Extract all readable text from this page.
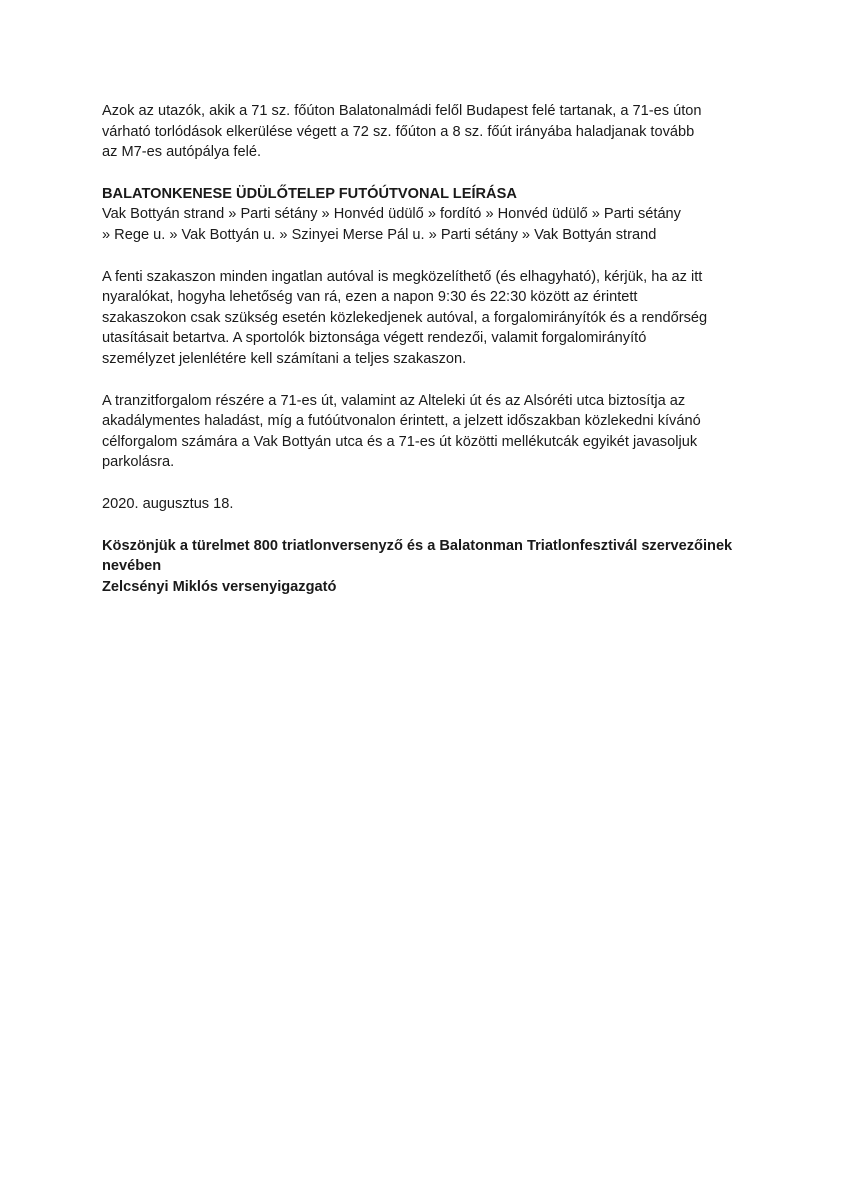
Azok az utazók, akik a 71 sz. főúton Balatonalmádi felől Budapest felé tartanak, a 71-es úton
várható torlódások elkerülése végett a 72 sz. főúton a 8 sz. főút irányába haladjanak tovább
az M7-es autópálya felé.

BALATONKENESE ÜDÜLŐTELEP FUTÓÚTVONAL LEÍRÁSA
Vak Bottyán strand » Parti sétány » Honvéd üdülő » fordító » Honvéd üdülő » Parti sétány
» Rege u. » Vak Bottyán u. » Szinyei Merse Pál u. » Parti sétány » Vak Bottyán strand

A fenti szakaszon minden ingatlan autóval is megközelíthető (és elhagyható), kérjük, ha az itt
nyaralókat, hogyha lehetőség van rá, ezen a napon 9:30 és 22:30 között az érintett
szakaszokon csak szükség esetén közlekedjenek autóval, a forgalomirányítók és a rendőrség
utasításait betartva. A sportolók biztonsága végett rendezői, valamit forgalomirányító
személyzet jelenlétére kell számítani a teljes szakaszon.

A tranzitforgalom részére a 71-es út, valamint az Alteleki út és az Alsóréti utca biztosítja az
akadálymentes haladást, míg a futóútvonalon érintett, a jelzett időszakban közlekedni kívánó
célforgalom számára a Vak Bottyán utca és a 71-es út közötti mellékutcák egyikét javasoljuk
parkolásra.

2020. augusztus 18.

Köszönjük a türelmet 800 triatlonversenyző és a Balatonman Triatlonfesztivál szervezőinek
nevében
Zelcsényi Miklós versenyigazgató
